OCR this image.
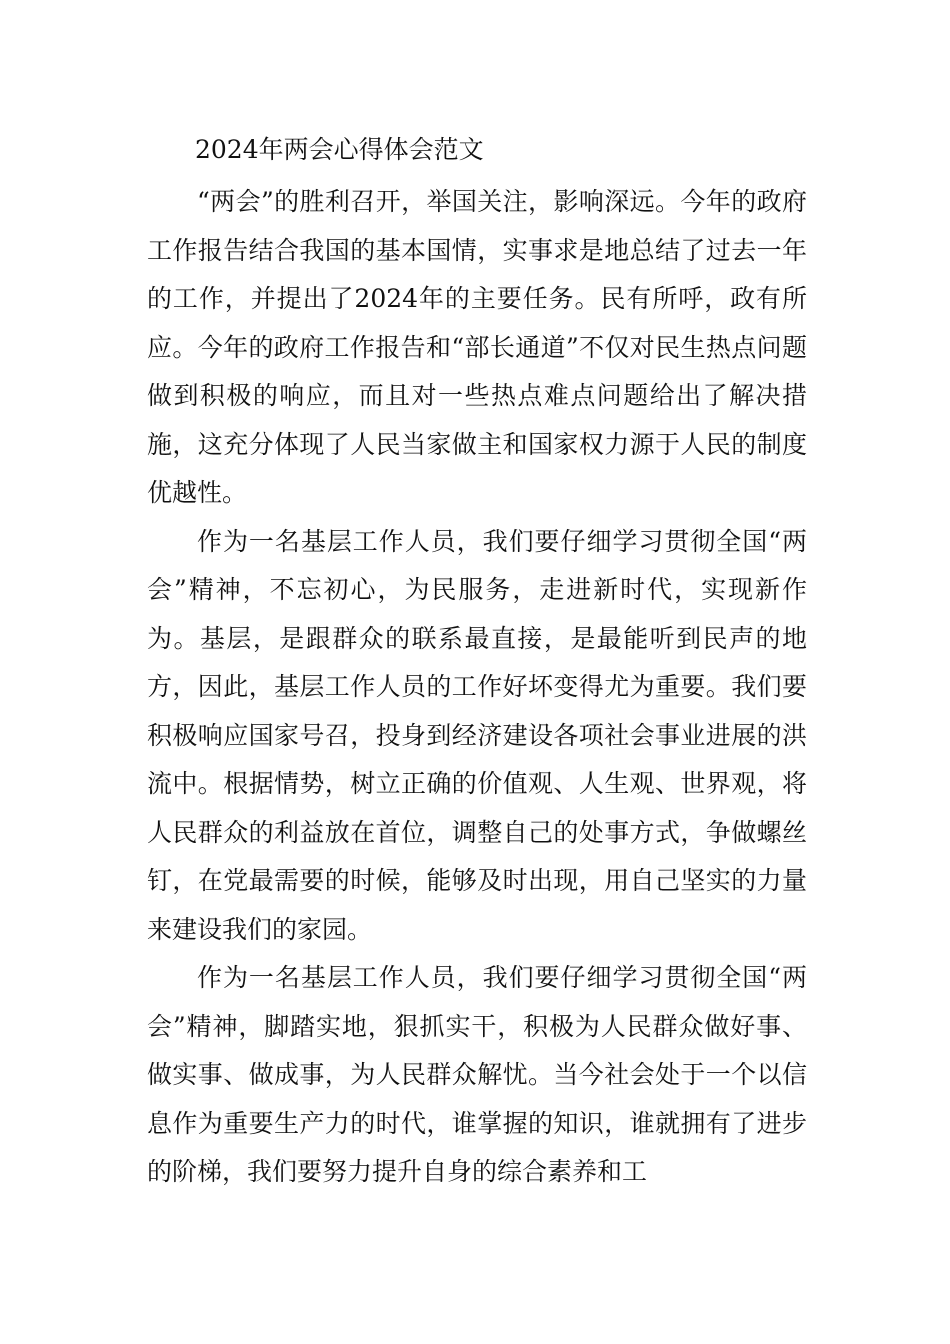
2024年两会心得体会范文

“两会”的胜利召开，举国关注，影响深远。今年的政府工作报告结合我国的基本国情，实事求是地总结了过去一年的工作，并提出了2024年的主要任务。民有所呼，政有所应。今年的政府工作报告和“部长通道”不仅对民生热点问题做到积极的响应，而且对一些热点难点问题给出了解决措施，这充分体现了人民当家做主和国家权力源于人民的制度优越性。

作为一名基层工作人员，我们要仔细学习贯彻全国“两会”精神，不忘初心，为民服务，走进新时代，实现新作为。基层，是跟群众的联系最直接，是最能听到民声的地方，因此，基层工作人员的工作好坏变得尤为重要。我们要积极响应国家号召，投身到经济建设各项社会事业进展的洪流中。根据情势，树立正确的价值观、人生观、世界观，将人民群众的利益放在首位，调整自己的处事方式，争做螺丝钉，在党最需要的时候，能够及时出现，用自己坚实的力量来建设我们的家园。

作为一名基层工作人员，我们要仔细学习贯彻全国“两会”精神，脚踏实地，狠抓实干，积极为人民群众做好事、做实事、做成事，为人民群众解忧。当今社会处于一个以信息作为重要生产力的时代，谁掌握的知识，谁就拥有了进步的阶梯，我们要努力提升自身的综合素养和工
